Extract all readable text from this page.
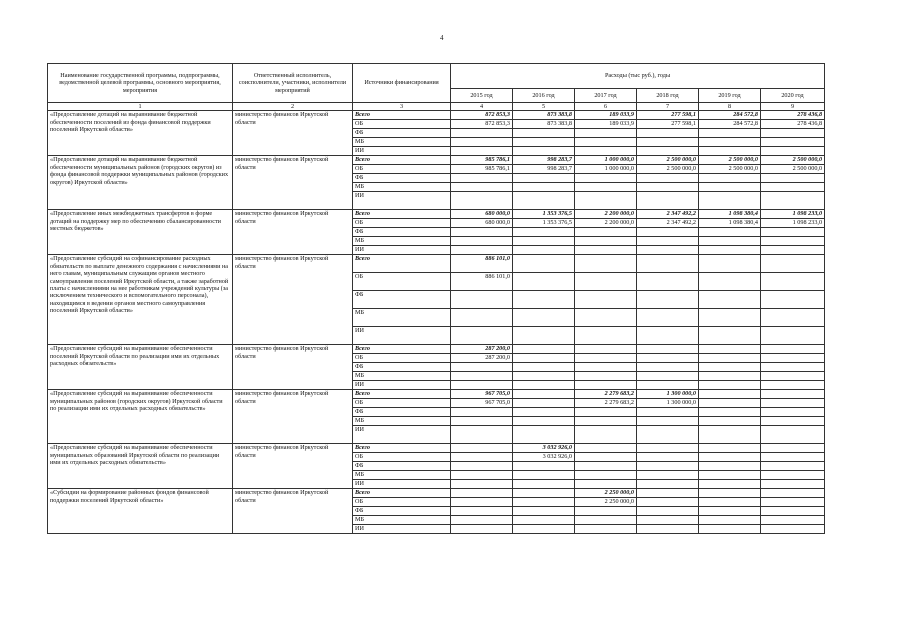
4
Наименование государственной программы, подпрограммы, ведомственной целевой программы, основного мероприятия, мероприятия	Ответственный исполнитель, соисполнители, участники, исполнители мероприятий	Источники финансирования	Расходы (тыс руб.), годы					
			2015 год	2016 год	2017 год	2018 год	2019 год	2020 год
1	2	3	4	5	6	7	8	9
«Предоставление дотаций на выравнивание бюджетной обеспеченности поселений из фонда финансовой поддержки поселений Иркутской области»	министерство финансов Иркутской области	Всего	872 853,3	873 383,8	189 033,9	277 598,1	284 572,8	278 436,8
		ОБ	872 853,3	873 383,8	189 033,9	277 598,1	284 572,8	278 436,8
		ФБ						
		МБ						
		ИИ						
«Предоставление дотаций на выравнивание бюджетной обеспеченности муниципальных районов (городских округов) из фонда финансовой поддержки муниципальных районов (городских округов) Иркутской области»	министерство финансов Иркутской области	Всего	985 786,1	998 283,7	1 000 000,0	2 500 000,0	2 500 000,0	2 500 000,0
		ОБ	985 786,1	998 283,7	1 000 000,0	2 500 000,0	2 500 000,0	2 500 000,0
		ФБ						
		МБ						
		ИИ						
«Предоставление иных межбюджетных трансфертов в форме дотаций на поддержку мер по обеспечению сбалансированности местных бюджетов»	министерство финансов Иркутской области	Всего	680 000,0	1 353 376,5	2 200 000,0	2 347 492,2	1 098 380,4	1 098 233,0
		ОБ	680 000,0	1 353 376,5	2 200 000,0	2 347 492,2	1 098 380,4	1 098 233,0
		ФБ						
		МБ						
		ИИ						
«Предоставление субсидий на софинансирование расходных обязательств по выплате денежного содержания с начислениями на него главам, муниципальным служащим органов местного самоуправления поселений Иркутской области, а также заработной платы с начислениями на нее работникам учреждений культуры (за исключением технического и вспомогательного персонала), находящимся в ведении органов местного самоуправления поселений Иркутской области»	министерство финансов Иркутской области	Всего	886 101,0					
		ОБ	886 101,0					
		ФБ						
		МБ						
		ИИ						
«Предоставление субсидий на выравнивание обеспеченности поселений Иркутской области по реализации ими их отдельных расходных обязательств»	министерство финансов Иркутской области	Всего	287 200,0					
		ОБ	287 200,0					
		ФБ						
		МБ						
		ИИ						
«Предоставление субсидий на выравнивание обеспеченности муниципальных районов (городских округов) Иркутской области по реализации ими их отдельных расходных обязательств»	министерство финансов Иркутской области	Всего	967 705,0		2 279 683,2	1 300 000,0		
		ОБ	967 705,0		2 279 683,2	1 300 000,0		
		ФБ						
		МБ						
		ИИ						
«Предоставление субсидий на выравнивание обеспеченности муниципальных образований Иркутской области по реализации ими их отдельных расходных обязательств»	министерство финансов Иркутской области	Всего		3 032 926,0				
		ОБ		3 032 926,0				
		ФБ						
		МБ						
		ИИ						
«Субсидии на формирование районных фондов финансовой поддержки поселений Иркутской области»	министерство финансов Иркутской области	Всего			2 250 000,0			
		ОБ			2 250 000,0			
		ФБ						
		МБ						
		ИИ						
